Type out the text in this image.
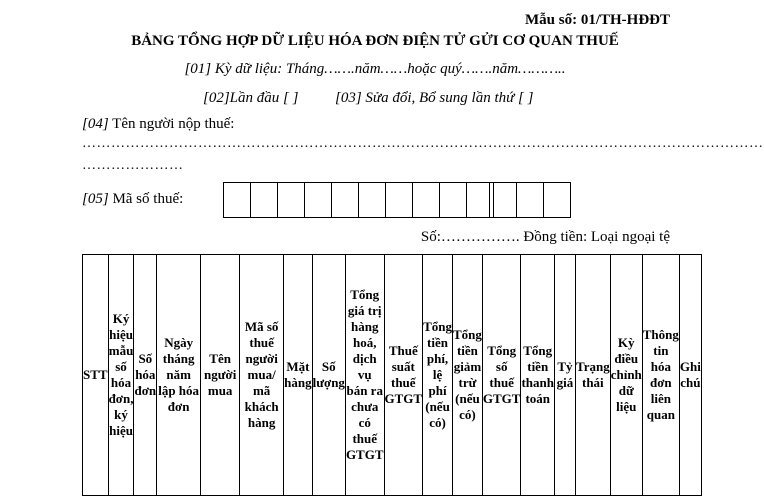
Mẫu số: 01/TH-HĐĐT
BẢNG TỔNG HỢP DỮ LIỆU HÓA ĐƠN ĐIỆN TỬ GỬI CƠ QUAN THUẾ
[01] Kỳ dữ liệu: Tháng…….năm……hoặc quý…….năm………..
[02]Lần đầu [ ] [03] Sửa đổi, Bổ sung lần thứ [ ]
[04] Tên người nộp thuế:
……………………………………………………………………………………………………………………………
…………………
[05] Mã số thuế:
Số:……………. Đồng tiền: Loại ngoại tệ
STT	Ký hiệu mẫu số hóa đơn, ký hiệu	Số hóa đơn	Ngày tháng năm lập hóa đơn	Tên người mua	Mã số thuế người mua/ mã khách hàng	Mặt hàng	Số lượng	Tổng giá trị hàng hoá, dịch vụ bán ra chưa có thuế GTGT	Thuế suất thuế GTGT	Tổng tiền phí, lệ phí (nếu có)	Tổng tiền giảm trừ (nếu có)	Tổng số thuế GTGT	Tổng tiền thanh toán	Tỷ giá	Trạng thái	Kỳ điều chỉnh dữ liệu	Thông tin hóa đơn liên quan	Ghi chú
